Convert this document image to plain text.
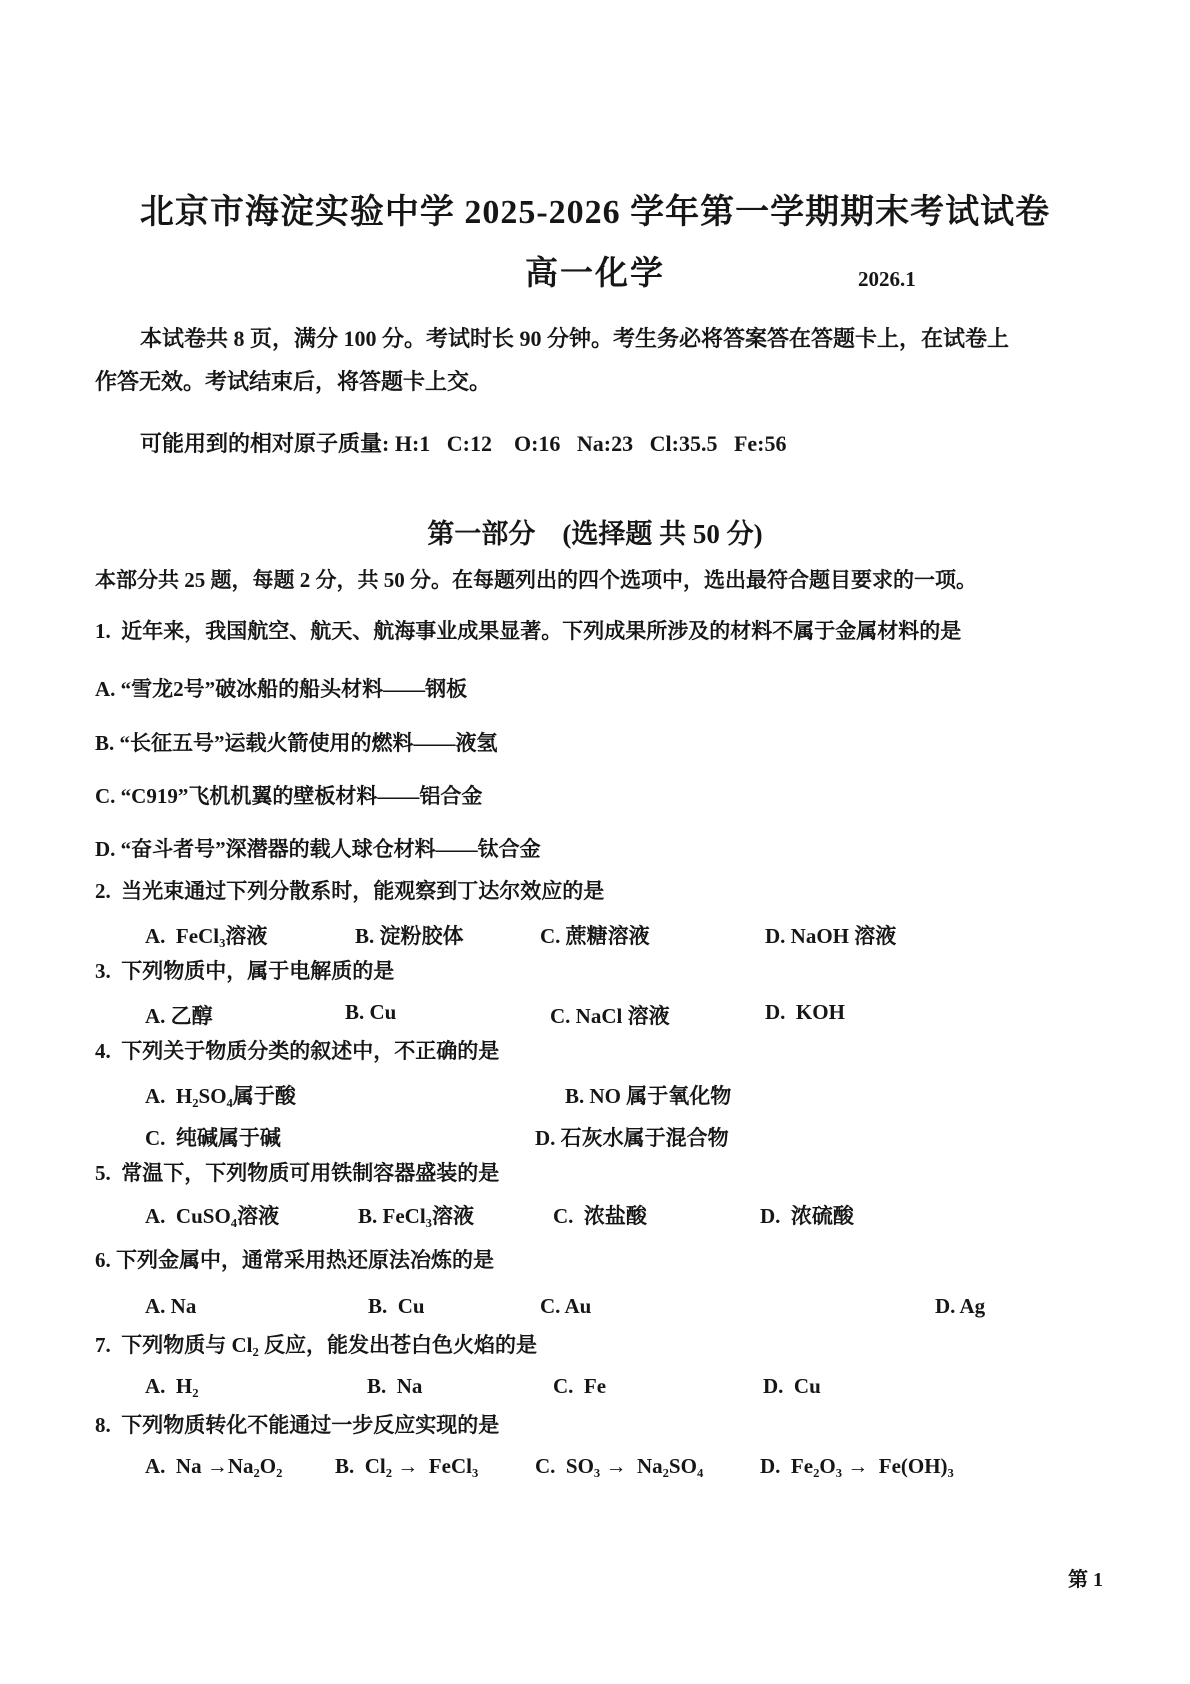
北京市海淀实验中学 2025-2026 学年第一学期期末考试试卷
高一化学	2026.1
本试卷共 8 页，满分 100 分。考试时长 90 分钟。考生务必将答案答在答题卡上，在试卷上
作答无效。考试结束后，将答题卡上交。
可能用到的相对原子质量: H:1   C:12    O:16   Na:23   Cl:35.5   Fe:56
第一部分    (选择题 共 50 分)
本部分共 25 题，每题 2 分，共 50 分。在每题列出的四个选项中，选出最符合题目要求的一项。
1.  近年来，我国航空、航天、航海事业成果显著。下列成果所涉及的材料不属于金属材料的是
A. “雪龙2号”破冰船的船头材料——钢板
B. “长征五号”运载火箭使用的燃料——液氢
C. “C919”飞机机翼的壁板材料——铝合金
D. “奋斗者号”深潜器的载人球仓材料——钛合金
2.  当光束通过下列分散系时，能观察到丁达尔效应的是
A.  FeCl₃溶液	B. 淀粉胶体	C. 蔗糖溶液	D. NaOH 溶液
3.  下列物质中，属于电解质的是
A. 乙醇	B. Cu	C. NaCl 溶液	D.  KOH
4.  下列关于物质分类的叙述中，不正确的是
A.  H₂SO₄属于酸	B. NO 属于氧化物
C.  纯碱属于碱	D. 石灰水属于混合物
5.  常温下，下列物质可用铁制容器盛装的是
A.  CuSO₄溶液	B. FeCl₃溶液	C.  浓盐酸	D.  浓硫酸
6. 下列金属中，通常采用热还原法冶炼的是
A. Na	B.  Cu	C. Au	D. Ag
7.  下列物质与 Cl₂ 反应，能发出苍白色火焰的是
A.  H₂	B.  Na	C.  Fe	D.  Cu
8.  下列物质转化不能通过一步反应实现的是
A.  Na →Na₂O₂	B.  Cl₂ →  FeCl₃	C.  SO₃ →  Na₂SO₄	D.  Fe₂O₃ →  Fe(OH)₃
第 1
